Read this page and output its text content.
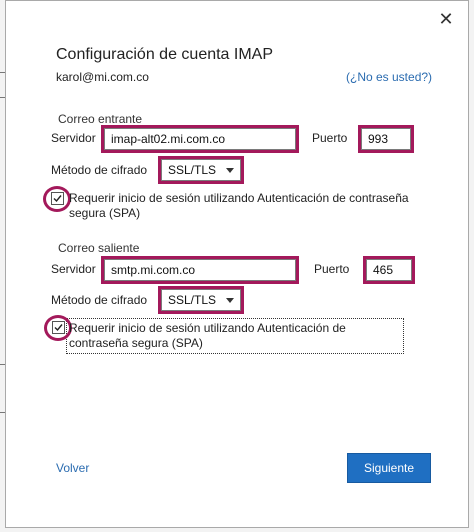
✕
Configuración de cuenta IMAP
karol@mi.com.co	(¿No es usted?)
Correo entrante
Servidor	imap-alt02.mi.com.co	Puerto	993
Método de cifrado	SSL/TLS
Requerir inicio de sesión utilizando Autenticación de contraseña segura (SPA)
Correo saliente
Servidor	smtp.mi.com.co	Puerto	465
Método de cifrado	SSL/TLS
Requerir inicio de sesión utilizando Autenticación de contraseña segura (SPA)
Volver	Siguiente
